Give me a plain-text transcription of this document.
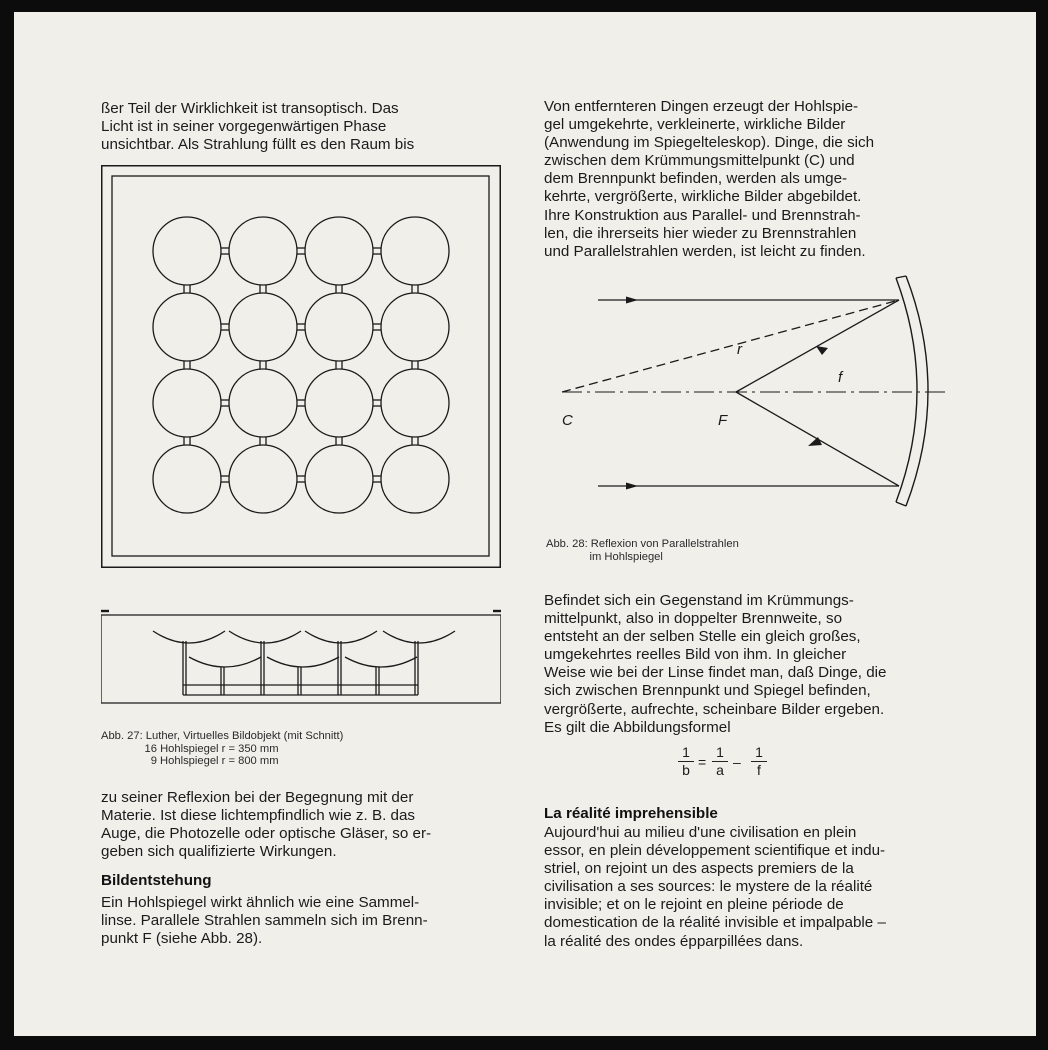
ßer Teil der Wirklichkeit ist transoptisch. Das
Licht ist in seiner vorgegenwärtigen Phase
unsichtbar. Als Strahlung füllt es den Raum bis
Abb. 27: Luther, Virtuelles Bildobjekt (mit Schnitt)
16 Hohlspiegel r = 350 mm
9 Hohlspiegel r = 800 mm
zu seiner Reflexion bei der Begegnung mit der
Materie. Ist diese lichtempfindlich wie z. B. das
Auge, die Photozelle oder optische Gläser, so er-
geben sich qualifizierte Wirkungen.
Bildentstehung
Ein Hohlspiegel wirkt ähnlich wie eine Sammel-
linse. Parallele Strahlen sammeln sich im Brenn-
punkt F (siehe Abb. 28).
Von entfernteren Dingen erzeugt der Hohlspie-
gel umgekehrte, verkleinerte, wirkliche Bilder
(Anwendung im Spiegelteleskop). Dinge, die sich
zwischen dem Krümmungsmittelpunkt (C) und
dem Brennpunkt befinden, werden als umge-
kehrte, vergrößerte, wirkliche Bilder abgebildet.
Ihre Konstruktion aus Parallel- und Brennstrah-
len, die ihrerseits hier wieder zu Brennstrahlen
und Parallelstrahlen werden, ist leicht zu finden.
r
f
C	F
Abb. 28: Reflexion von Parallelstrahlen
im Hohlspiegel
Befindet sich ein Gegenstand im Krümmungs-
mittelpunkt, also in doppelter Brennweite, so
entsteht an der selben Stelle ein gleich großes,
umgekehrtes reelles Bild von ihm. In gleicher
Weise wie bei der Linse findet man, daß Dinge, die
sich zwischen Brennpunkt und Spiegel befinden,
vergrößerte, aufrechte, scheinbare Bilder ergeben.
Es gilt die Abbildungsformel
$\frac{1}{b} = \frac{1}{a} - \frac{1}{f}$
La réalité imprehensible
Aujourd'hui au milieu d'une civilisation en plein
essor, en plein développement scientifique et indu-
striel, on rejoint un des aspects premiers de la
civilisation a ses sources: le mystere de la réalité
invisible; et on le rejoint en pleine période de
domestication de la réalité invisible et impalpable –
la réalité des ondes épparpillées dans.
